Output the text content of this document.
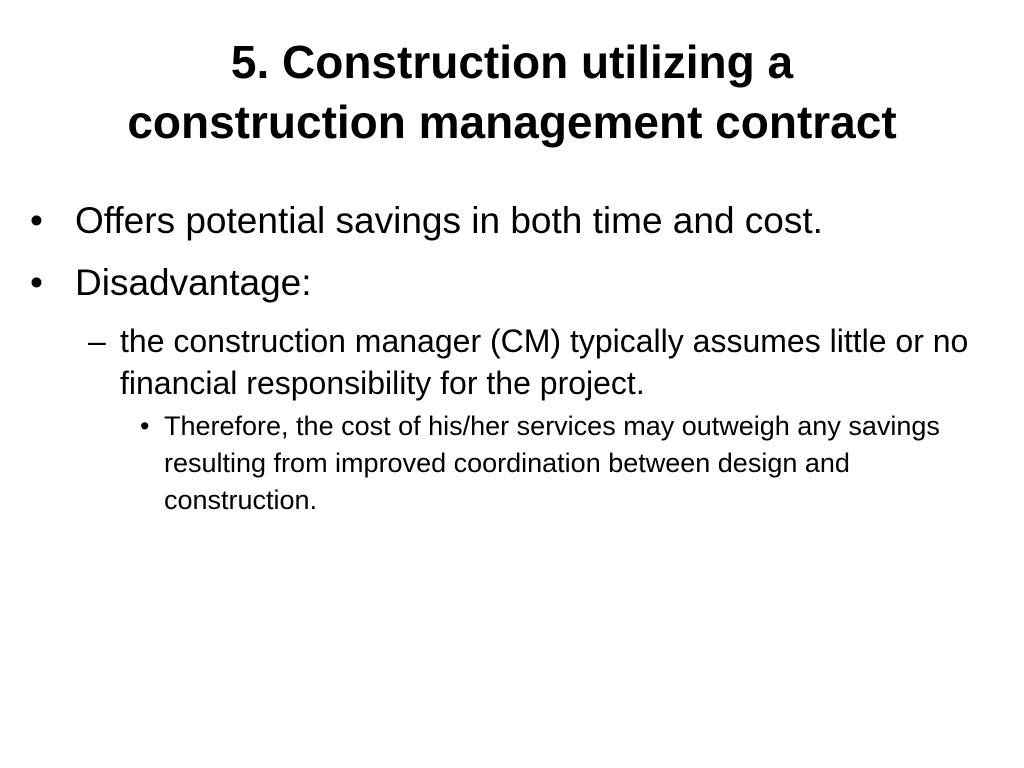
5. Construction utilizing a
construction management contract
• Offers potential savings in both time and cost.
• Disadvantage:
– the construction manager (CM) typically assumes little or no financial responsibility for the project.
• Therefore, the cost of his/her services may outweigh any savings resulting from improved coordination between design and construction.
